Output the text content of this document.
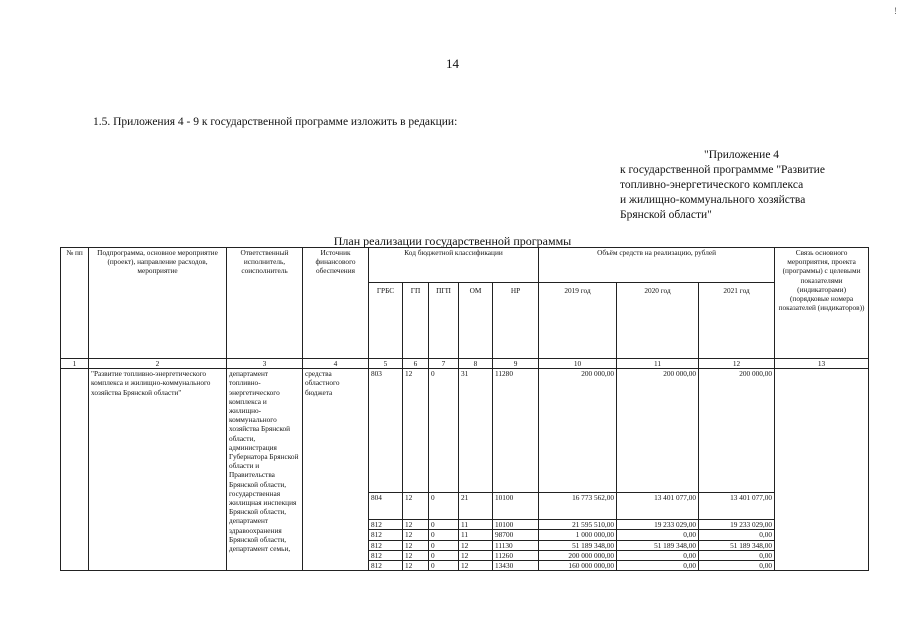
!
14
1.5. Приложения 4 - 9 к государственной программе изложить в редакции:
"Приложение 4
к государственной программме "Развитие
топливно-энергетического комплекса
и жилищно-коммунального хозяйства
Брянской области"
План реализации государственной программы
№ пп	Подпрограмма, основное мероприятие (проект), направление расходов, мероприятие	Ответственный исполнитель, соисполнитель	Источник финансового обеспечения	Код бюджетной классификации					Объём средств на реализацию, рублей			Связь основного мероприятия, проекта (программы) с целевыми показателями (индикаторами) (порядковые номера показателей (индикаторов))
				ГРБС	ГП	ПГП	ОМ	НР	2019 год	2020 год	2021 год	
1	2	3	4	5	6	7	8	9	10	11	12	13
	"Развитие топливно-энергетического комплекса и жилищно-коммунального хозяйства Брянской области"	департамент топливно-энергетического комплекса и жилищно-коммунального хозяйства Брянской области, администрация Губернатора Брянской области и Правительства Брянской области, государственная жилищная инспекция Брянской области, департамент здравоохранения Брянской области, департамент семьи,	средства областного бюджета	803	12	0	31	11280	200 000,00	200 000,00	200 000,00	
				804	12	0	21	10100	16 773 562,00	13 401 077,00	13 401 077,00	
				812	12	0	11	10100	21 595 510,00	19 233 029,00	19 233 029,00	
				812	12	0	11	98700	1 000 000,00	0,00	0,00	
				812	12	0	12	11130	51 189 348,00	51 189 348,00	51 189 348,00	
				812	12	0	12	11260	200 000 000,00	0,00	0,00	
				812	12	0	12	13430	160 000 000,00	0,00	0,00	
